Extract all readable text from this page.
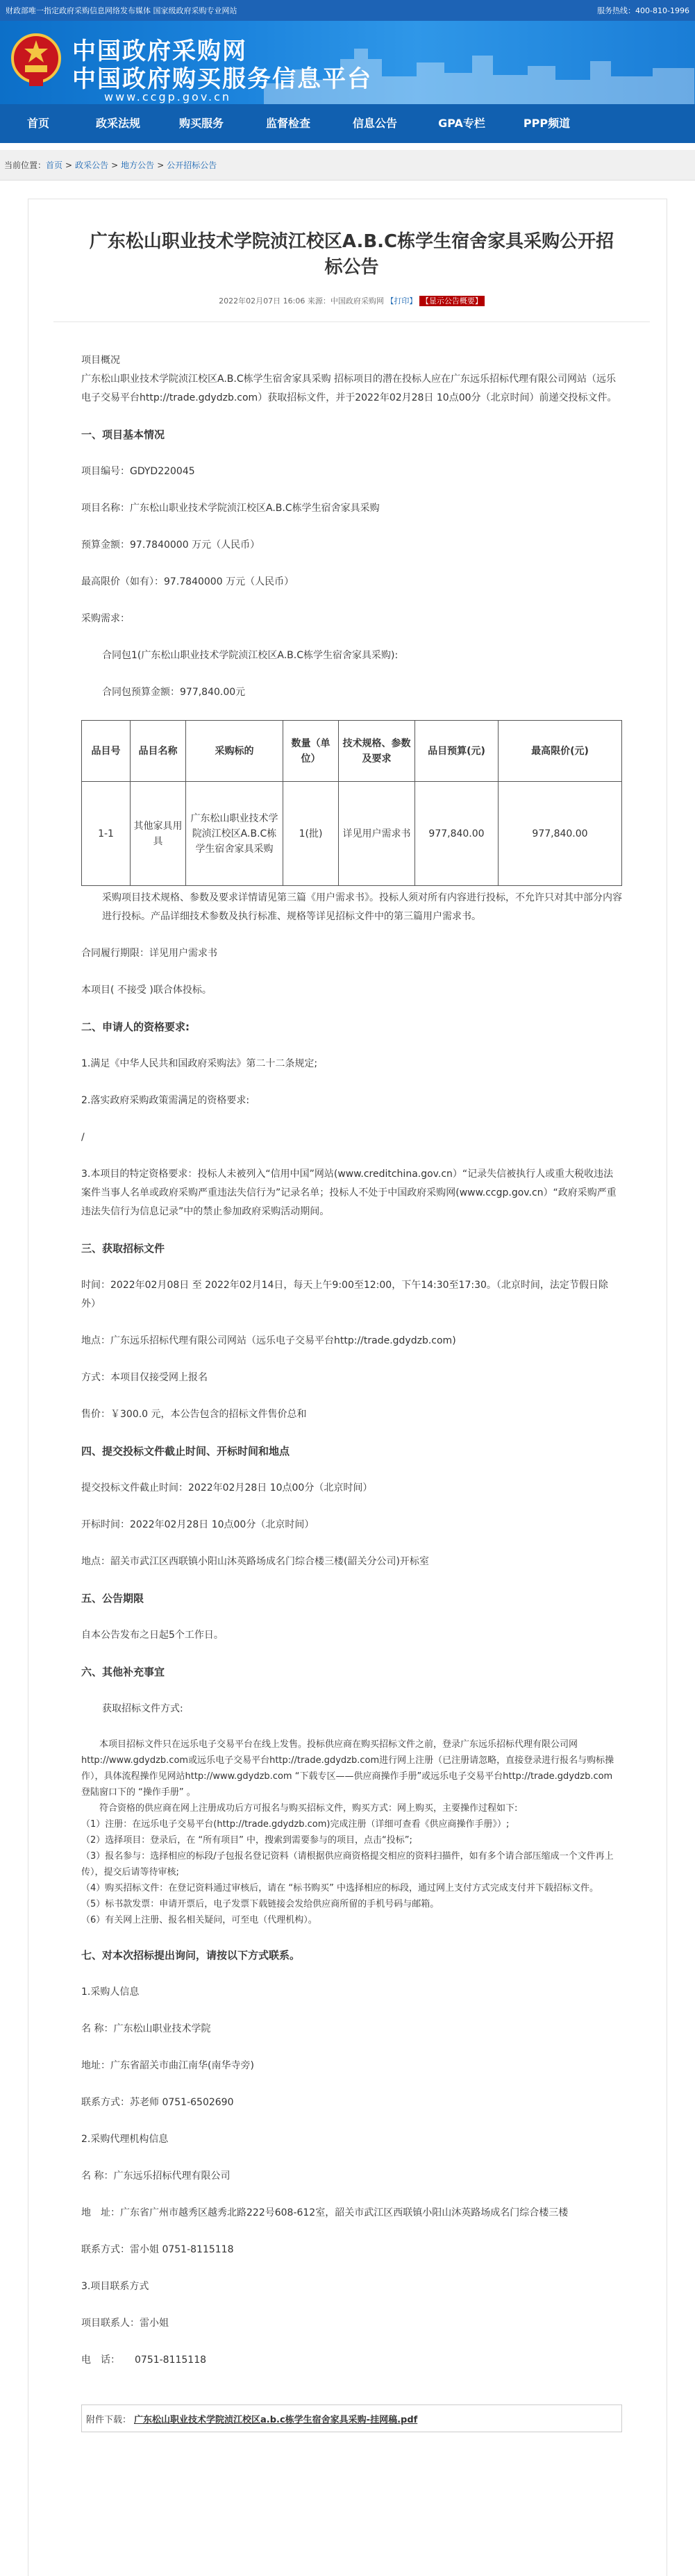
财政部唯一指定政府采购信息网络发布媒体 国家级政府采购专业网站	服务热线：400-810-1996
中国政府采购网
中国政府购买服务信息平台
www.ccgp.gov.cn
首页	政采法规	购买服务	监督检查	信息公告	GPA专栏	PPP频道
当前位置： 首页 > 政采公告 > 地方公告 > 公开招标公告
广东松山职业技术学院浈江校区A.B.C栋学生宿舍家具采购公开招标公告
2022年02月07日 16:06 来源：中国政府采购网 【打印】 【显示公告概要】

项目概况

广东松山职业技术学院浈江校区A.B.C栋学生宿舍家具采购 招标项目的潜在投标人应在广东远乐招标代理有限公司网站（远乐电子交易平台http://trade.gdydzb.com）获取招标文件，并于2022年02月28日 10点00分（北京时间）前递交投标文件。

一、项目基本情况

项目编号：GDYD220045

项目名称：广东松山职业技术学院浈江校区A.B.C栋学生宿舍家具采购

预算金额：97.7840000 万元（人民币）

最高限价（如有）：97.7840000 万元（人民币）

采购需求：

合同包1(广东松山职业技术学院浈江校区A.B.C栋学生宿舍家具采购):

合同包预算金额：977,840.00元

品目号	品目名称	采购标的	数量（单位）	技术规格、参数及要求	品目预算(元)	最高限价(元)
1-1	其他家具用具	广东松山职业技术学院浈江校区A.B.C栋学生宿舍家具采购	1(批)	详见用户需求书	977,840.00	977,840.00

采购项目技术规格、参数及要求详情请见第三篇《用户需求书》。投标人须对所有内容进行投标，不允许只对其中部分内容进行投标。产品详细技术参数及执行标准、规格等详见招标文件中的第三篇用户需求书。

合同履行期限：详见用户需求书

本项目( 不接受 )联合体投标。

二、申请人的资格要求:

1.满足《中华人民共和国政府采购法》第二十二条规定;

2.落实政府采购政策需满足的资格要求:

/

3.本项目的特定资格要求：投标人未被列入“信用中国”网站(www.creditchina.gov.cn）“记录失信被执行人或重大税收违法案件当事人名单或政府采购严重违法失信行为”记录名单；投标人不处于中国政府采购网(www.ccgp.gov.cn）“政府采购严重违法失信行为信息记录”中的禁止参加政府采购活动期间。

三、获取招标文件

时间：2022年02月08日 至 2022年02月14日，每天上午9:00至12:00，下午14:30至17:30。（北京时间，法定节假日除外）

地点：广东远乐招标代理有限公司网站（远乐电子交易平台http://trade.gdydzb.com)

方式：本项目仅接受网上报名

售价：￥300.0 元，本公告包含的招标文件售价总和

四、提交投标文件截止时间、开标时间和地点

提交投标文件截止时间：2022年02月28日 10点00分（北京时间）

开标时间：2022年02月28日 10点00分（北京时间）

地点：韶关市武江区西联镇小阳山沐英路场成名门综合楼三楼(韶关分公司)开标室

五、公告期限

自本公告发布之日起5个工作日。

六、其他补充事宜

获取招标文件方式:

本项目招标文件只在远乐电子交易平台在线上发售。投标供应商在购买招标文件之前，登录广东远乐招标代理有限公司网http://www.gdydzb.com或远乐电子交易平台http://trade.gdydzb.com进行网上注册（已注册请忽略，直接登录进行报名与购标操作），具体流程操作见网站http://www.gdydzb.com “下载专区——供应商操作手册”或远乐电子交易平台http://trade.gdydzb.com 登陆窗口下的 “操作手册” 。
符合资格的供应商在网上注册成功后方可报名与购买招标文件，购买方式：网上购买，主要操作过程如下:
（1）注册：在远乐电子交易平台(http://trade.gdydzb.com)完成注册（详细可查看《供应商操作手册》）;
（2）选择项目：登录后，在 “所有项目” 中，搜索到需要参与的项目，点击“投标”;
（3）报名参与：选择相应的标段/子包报名登记资料（请根据供应商资格提交相应的资料扫描件，如有多个请合部压缩成一个文件再上传），提交后请等待审核;
（4）购买招标文件：在登记资料通过审核后，请在 “标书购买” 中选择相应的标段，通过网上支付方式完成支付并下载招标文件。
（5）标书款发票：申请开票后，电子发票下载链接会发给供应商所留的手机号码与邮箱。
（6）有关网上注册、报名相关疑问，可至电（代理机构）。
七、对本次招标提出询问，请按以下方式联系。

1.采购人信息

名 称：广东松山职业技术学院

地址：广东省韶关市曲江南华(南华寺旁)

联系方式：苏老师 0751-6502690

2.采购代理机构信息

名 称：广东远乐招标代理有限公司

地　址：广东省广州市越秀区越秀北路222号608-612室，韶关市武江区西联镇小阳山沐英路场成名门综合楼三楼

联系方式：雷小姐 0751-8115118

3.项目联系方式

项目联系人：雷小姐

电　话：　　0751-8115118

附件下载： 广东松山职业技术学院浈江校区a.b.c栋学生宿舍家具采购-挂网稿.pdf
